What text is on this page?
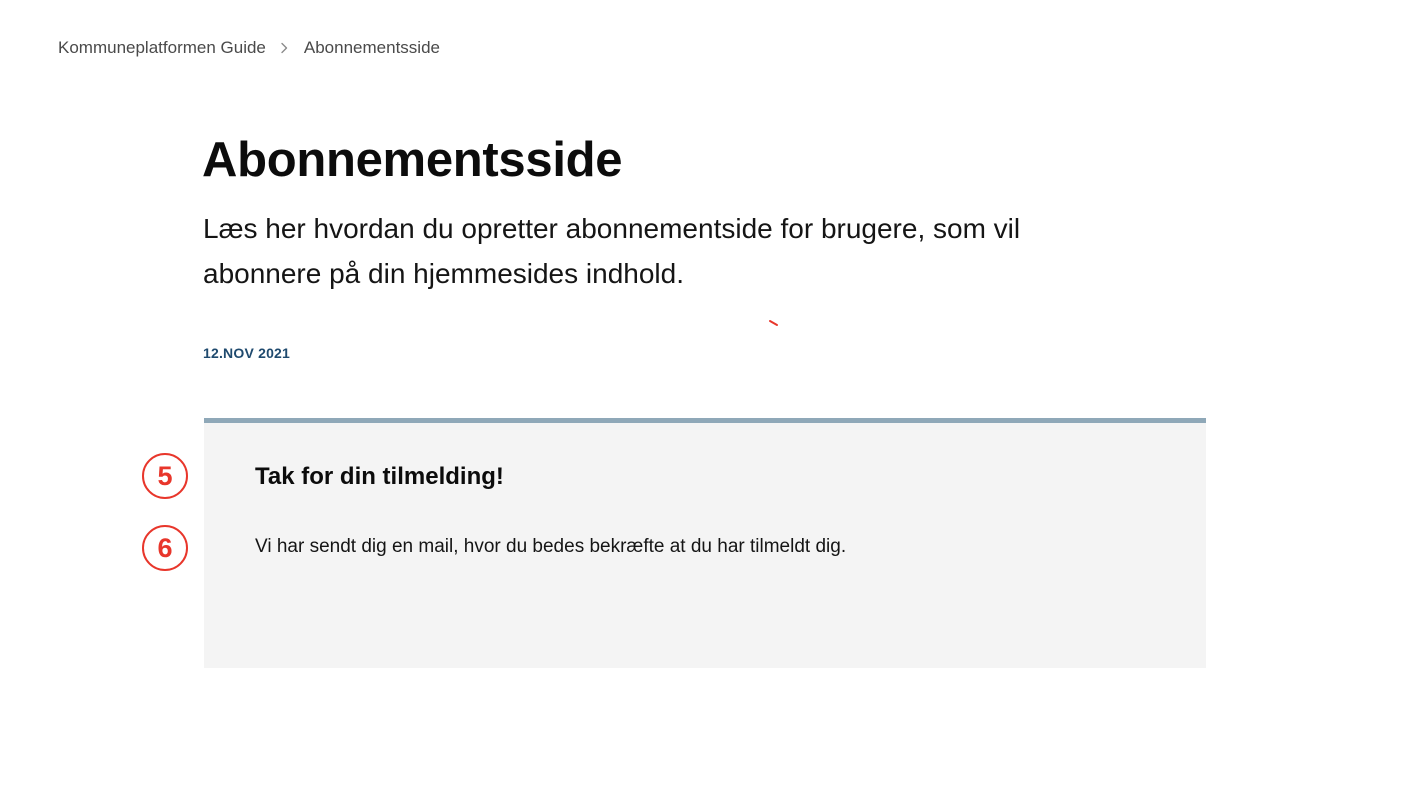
Kommuneplatformen Guide Abonnementsside
Abonnementsside

Læs her hvordan du opretter abonnementside for brugere, som vil abonnere på din hjemmesides indhold.

12.NOV 2021
Tak for din tilmelding!

Vi har sendt dig en mail, hvor du bedes bekræfte at du har tilmeldt dig.

5
6
